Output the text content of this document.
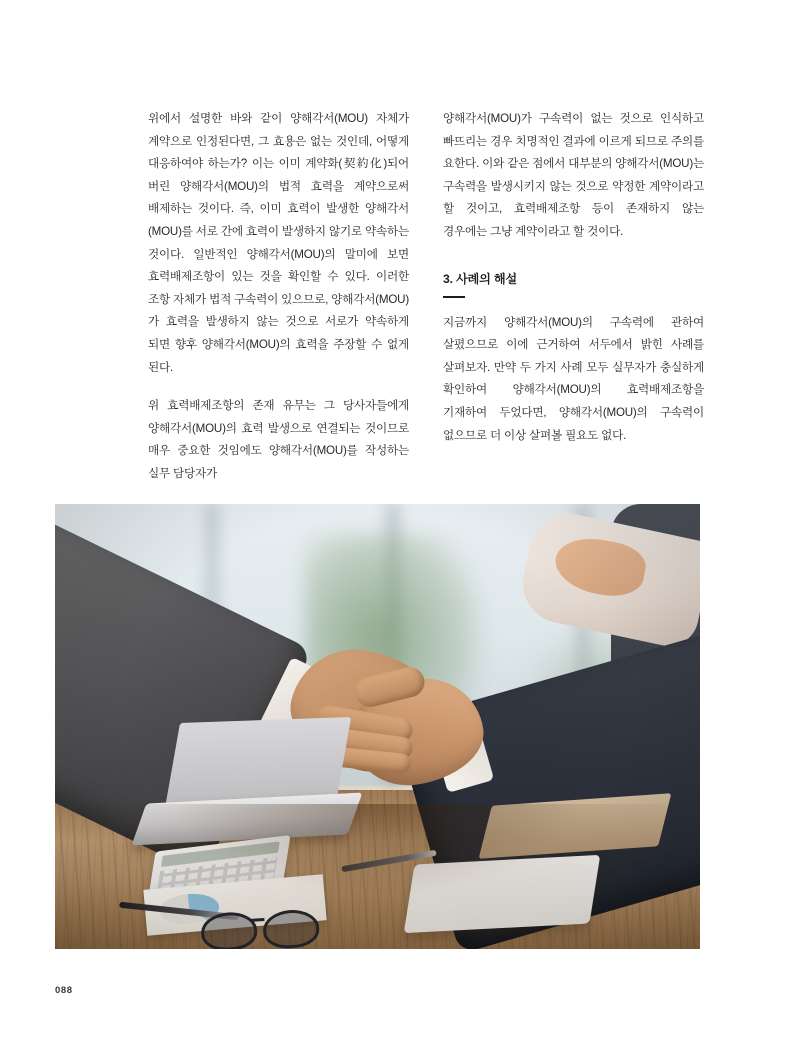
위에서 설명한 바와 같이 양해각서(MOU) 자체가 계약으로 인정된다면, 그 효용은 없는 것인데, 어떻게 대응하여야 하는가? 이는 이미 계약화(契約化)되어 버린 양해각서(MOU)의 법적 효력을 계약으로써 배제하는 것이다. 즉, 이미 효력이 발생한 양해각서(MOU)를 서로 간에 효력이 발생하지 않기로 약속하는 것이다. 일반적인 양해각서(MOU)의 말미에 보면 효력배제조항이 있는 것을 확인할 수 있다. 이러한 조항 자체가 법적 구속력이 있으므로, 양해각서(MOU)가 효력을 발생하지 않는 것으로 서로가 약속하게 되면 향후 양해각서(MOU)의 효력을 주장할 수 없게 된다.

위 효력배제조항의 존재 유무는 그 당사자들에게 양해각서(MOU)의 효력 발생으로 연결되는 것이므로 매우 중요한 것임에도 양해각서(MOU)를 작성하는 실무 담당자가

양해각서(MOU)가 구속력이 없는 것으로 인식하고 빠뜨리는 경우 치명적인 결과에 이르게 되므로 주의를 요한다. 이와 같은 점에서 대부분의 양해각서(MOU)는 구속력을 발생시키지 않는 것으로 약정한 계약이라고 할 것이고, 효력배제조항 등이 존재하지 않는 경우에는 그냥 계약이라고 할 것이다.

3. 사례의 해설

지금까지 양해각서(MOU)의 구속력에 관하여 살폈으므로 이에 근거하여 서두에서 밝힌 사례를 살펴보자. 만약 두 가지 사례 모두 실무자가 충실하게 확인하여 양해각서(MOU)의 효력배제조항을 기재하여 두었다면, 양해각서(MOU)의 구속력이 없으므로 더 이상 살펴볼 필요도 없다.

088
